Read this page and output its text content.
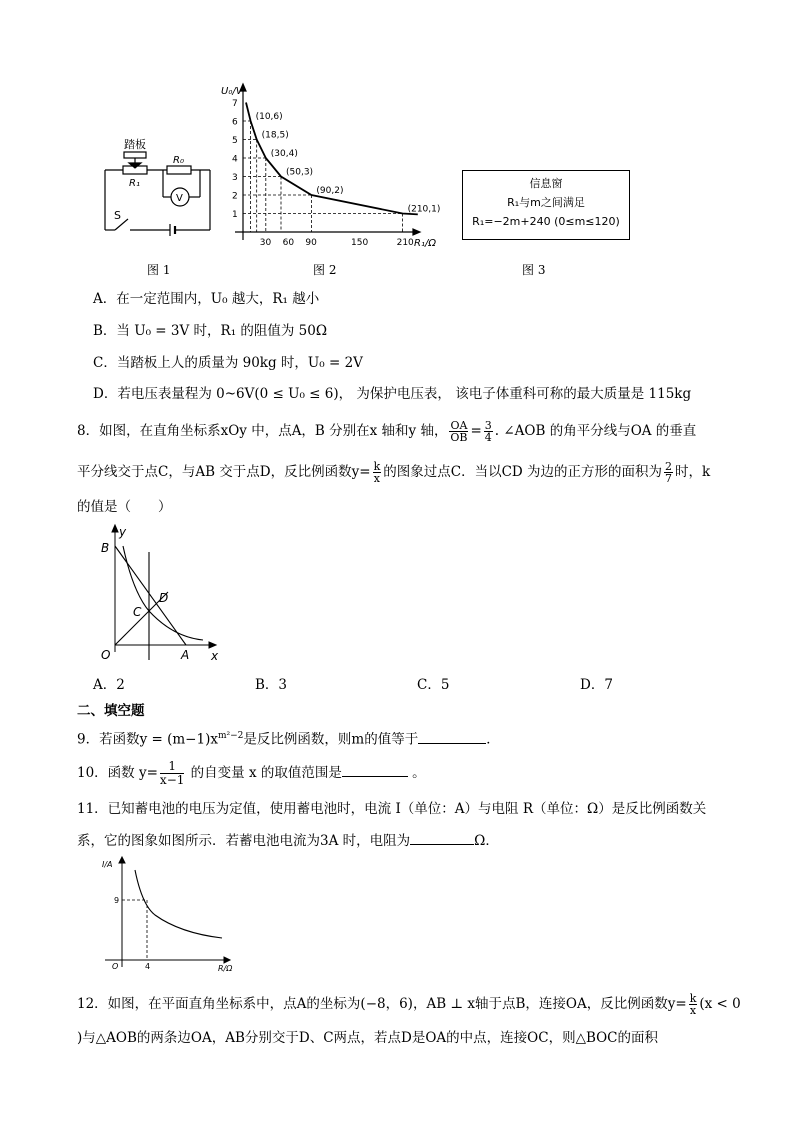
踏板
R₁
R₀
V
S
图 1
1
2
3
4
5
6
7
30 60 90	150	210
(10,6)
(18,5)
(30,4)
(50,3)
(90,2)
(210,1)
U₀/V
R₁/Ω
图 2
信息窗
R₁与m之间满足
R₁=−2m+240 (0≤m≤120)
图 3
A．在一定范围内，U₀ 越大，R₁ 越小
B．当 U₀ = 3V 时，R₁ 的阻值为 50Ω
C．当踏板上人的质量为 90kg 时，U₀ = 2V
D．若电压表量程为 0~6V(0 ≤ U₀ ≤ 6)， 为保护电压表， 该电子体重科可称的最大质量是 115kg
8．如图，在直角坐标系xOy 中，点A，B 分别在x 轴和y 轴， $\frac{OA}{OB} = \frac{3}{4}$ . ∠AOB 的角平分线与OA 的垂直
平分线交于点C，与AB 交于点D，反比例函数$y= \frac{k}{x}$ 的图象过点C．当以CD 为边的正方形的面积为 $\frac{2}{7}$ 时，k
的值是（　　）
B
y
C
D
O	A x
A．2	B．3	C．5	D．7
二、填空题
9．若函数$y = (m-1)x^{m^2-2}$是反比例函数，则m的值等于	．
10．函数 $y= \frac{1}{x-1}$ 的自变量 x 的取值范围是	。
11．已知蓄电池的电压为定值，使用蓄电池时，电流 I（单位：A）与电阻 R（单位：Ω）是反比例函数关
系，它的图象如图所示．若蓄电池电流为3A 时，电阻为	Ω．
I/A
R/Ω
O	4
9
12．如图，在平面直角坐标系中，点A的坐标为(−8，6)，AB ⊥ x轴于点B，连接OA，反比例函数$y= \frac{k}{x} (x < 0$
)与△AOB的两条边OA，AB分别交于D、C两点，若点D是OA的中点，连接OC，则△BOC的面积
